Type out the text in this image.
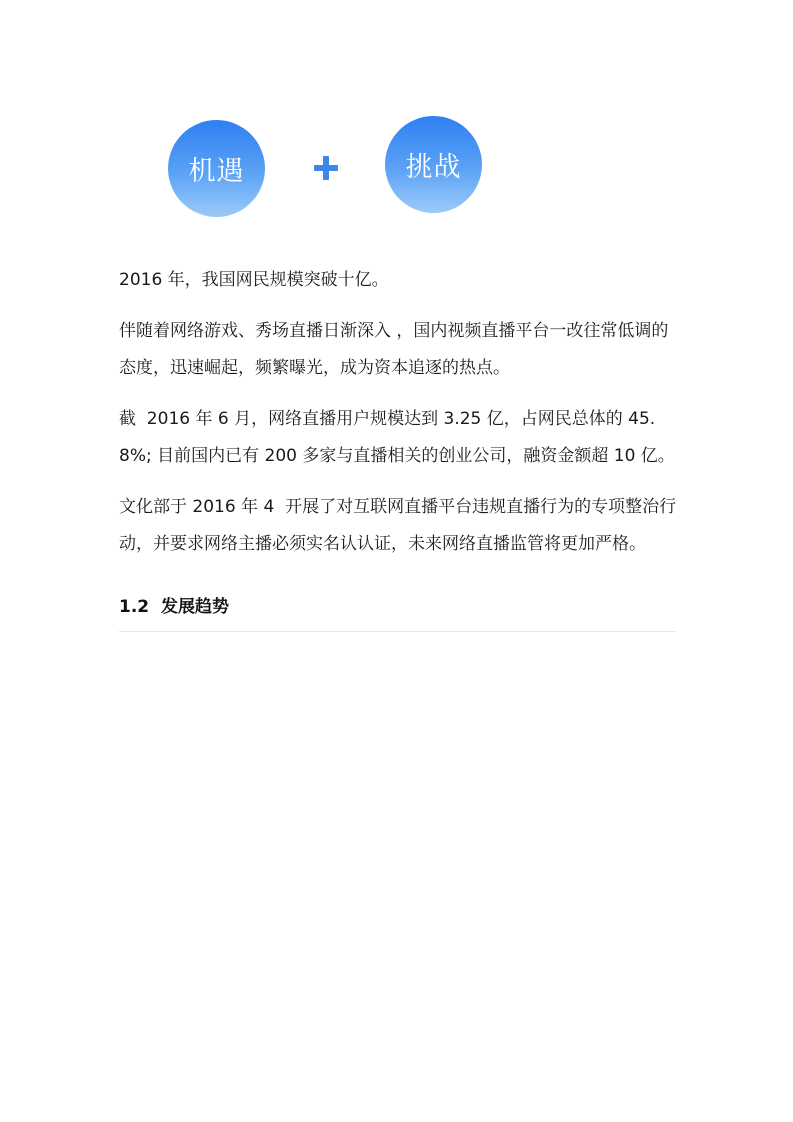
机遇	挑战

2016 年，我国网民规模突破十亿。

伴随着网络游戏、秀场直播日渐深入 ，国内视频直播平台一改往常低调的态度，迅速崛起，频繁曝光，成为资本追逐的热点。

截  2016 年 6 月，网络直播用户规模达到 3.25 亿，占网民总体的 45.8%; 目前国内已有 200 多家与直播相关的创业公司，融资金额超 10 亿。

文化部于 2016 年 4  开展了对互联网直播平台违规直播行为的专项整治行动，并要求网络主播必须实名认认证，未来网络直播监管将更加严格。

1.2  发展趋势
